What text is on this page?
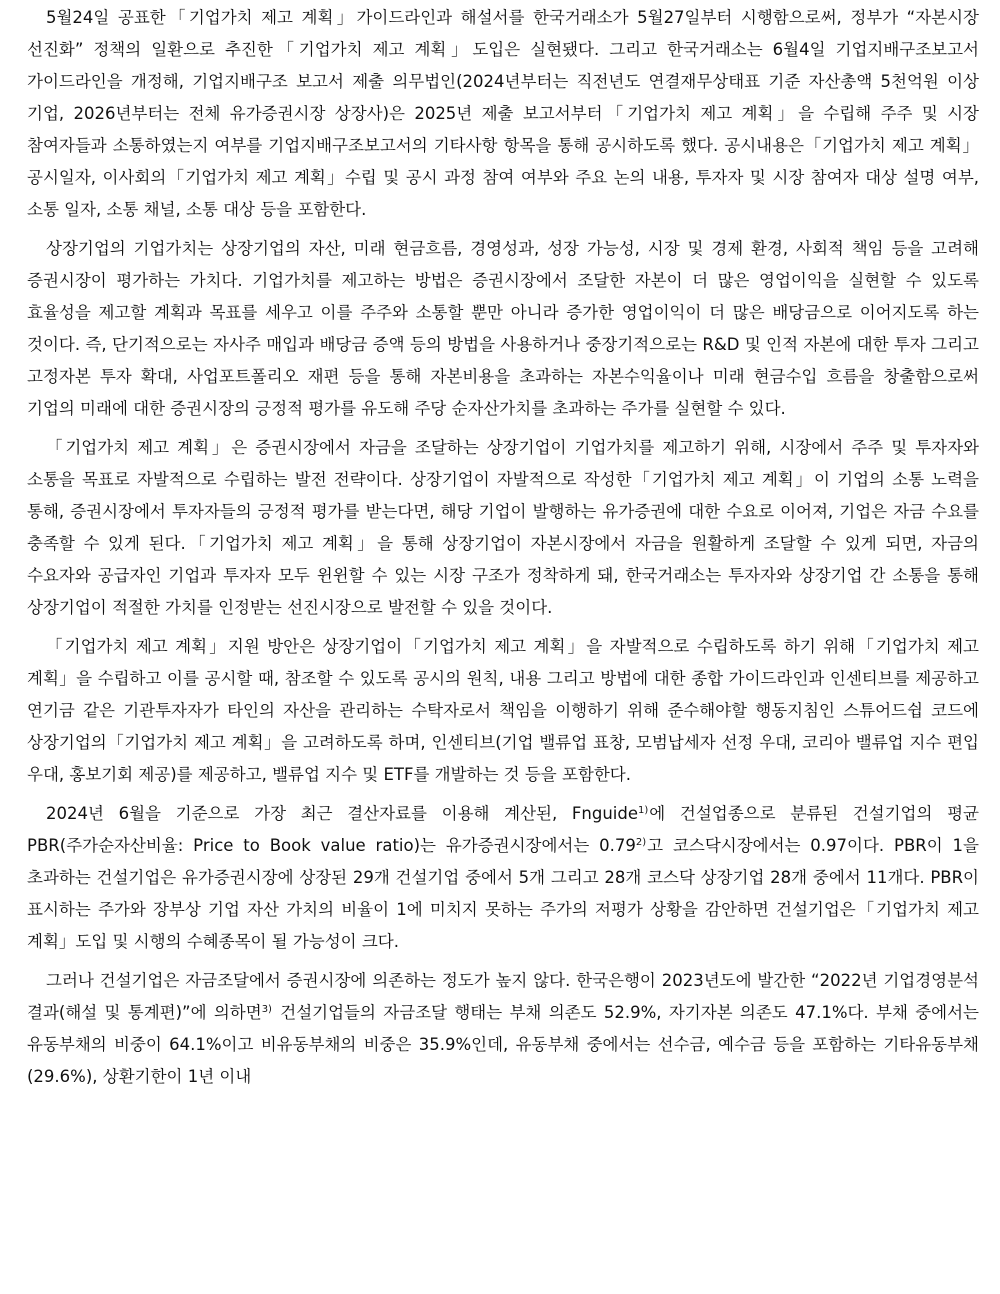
5월24일 공표한「기업가치 제고 계획」가이드라인과 해설서를 한국거래소가 5월27일부터 시행함으로써, 정부가 “자본시장 선진화” 정책의 일환으로 추진한「기업가치 제고 계획」도입은 실현됐다. 그리고 한국거래소는 6월4일 기업지배구조보고서 가이드라인을 개정해, 기업지배구조 보고서 제출 의무법인(2024년부터는 직전년도 연결재무상태표 기준 자산총액 5천억원 이상 기업, 2026년부터는 전체 유가증권시장 상장사)은 2025년 제출 보고서부터「기업가치 제고 계획」을 수립해 주주 및 시장 참여자들과 소통하였는지 여부를 기업지배구조보고서의 기타사항 항목을 통해 공시하도록 했다. 공시내용은「기업가치 제고 계획」공시일자, 이사회의「기업가치 제고 계획」수립 및 공시 과정 참여 여부와 주요 논의 내용, 투자자 및 시장 참여자 대상 설명 여부, 소통 일자, 소통 채널, 소통 대상 등을 포함한다.

상장기업의 기업가치는 상장기업의 자산, 미래 현금흐름, 경영성과, 성장 가능성, 시장 및 경제 환경, 사회적 책임 등을 고려해 증권시장이 평가하는 가치다. 기업가치를 제고하는 방법은 증권시장에서 조달한 자본이 더 많은 영업이익을 실현할 수 있도록 효율성을 제고할 계획과 목표를 세우고 이를 주주와 소통할 뿐만 아니라 증가한 영업이익이 더 많은 배당금으로 이어지도록 하는 것이다. 즉, 단기적으로는 자사주 매입과 배당금 증액 등의 방법을 사용하거나 중장기적으로는 R&D 및 인적 자본에 대한 투자 그리고 고정자본 투자 확대, 사업포트폴리오 재편 등을 통해 자본비용을 초과하는 자본수익율이나 미래 현금수입 흐름을 창출함으로써 기업의 미래에 대한 증권시장의 긍정적 평가를 유도해 주당 순자산가치를 초과하는 주가를 실현할 수 있다.

「기업가치 제고 계획」은 증권시장에서 자금을 조달하는 상장기업이 기업가치를 제고하기 위해, 시장에서 주주 및 투자자와 소통을 목표로 자발적으로 수립하는 발전 전략이다. 상장기업이 자발적으로 작성한「기업가치 제고 계획」이 기업의 소통 노력을 통해, 증권시장에서 투자자들의 긍정적 평가를 받는다면, 해당 기업이 발행하는 유가증권에 대한 수요로 이어져, 기업은 자금 수요를 충족할 수 있게 된다.「기업가치 제고 계획」을 통해 상장기업이 자본시장에서 자금을 원활하게 조달할 수 있게 되면, 자금의 수요자와 공급자인 기업과 투자자 모두 윈윈할 수 있는 시장 구조가 정착하게 돼, 한국거래소는 투자자와 상장기업 간 소통을 통해 상장기업이 적절한 가치를 인정받는 선진시장으로 발전할 수 있을 것이다.

「기업가치 제고 계획」지원 방안은 상장기업이「기업가치 제고 계획」을 자발적으로 수립하도록 하기 위해「기업가치 제고 계획」을 수립하고 이를 공시할 때, 참조할 수 있도록 공시의 원칙, 내용 그리고 방법에 대한 종합 가이드라인과 인센티브를 제공하고 연기금 같은 기관투자자가 타인의 자산을 관리하는 수탁자로서 책임을 이행하기 위해 준수해야할 행동지침인 스튜어드쉽 코드에 상장기업의「기업가치 제고 계획」을 고려하도록 하며, 인센티브(기업 밸류업 표창, 모범납세자 선정 우대, 코리아 밸류업 지수 편입 우대, 홍보기회 제공)를 제공하고, 밸류업 지수 및 ETF를 개발하는 것 등을 포함한다.

2024년 6월을 기준으로 가장 최근 결산자료를 이용해 계산된, Fnguide$^{1)}$에 건설업종으로 분류된 건설기업의 평균 PBR(주가순자산비율: Price to Book value ratio)는 유가증권시장에서는 0.79$^{2)}$고 코스닥시장에서는 0.97이다. PBR이 1을 초과하는 건설기업은 유가증권시장에 상장된 29개 건설기업 중에서 5개 그리고 28개 코스닥 상장기업 28개 중에서 11개다. PBR이 표시하는 주가와 장부상 기업 자산 가치의 비율이 1에 미치지 못하는 주가의 저평가 상황을 감안하면 건설기업은「기업가치 제고 계획」도입 및 시행의 수혜종목이 될 가능성이 크다.

그러나 건설기업은 자금조달에서 증권시장에 의존하는 정도가 높지 않다. 한국은행이 2023년도에 발간한 “2022년 기업경영분석 결과(해설 및 통계편)”에 의하면$^{3)}$ 건설기업들의 자금조달 행태는 부채 의존도 52.9%, 자기자본 의존도 47.1%다. 부채 중에서는 유동부채의 비중이 64.1%이고 비유동부채의 비중은 35.9%인데, 유동부채 중에서는 선수금, 예수금 등을 포함하는 기타유동부채(29.6%), 상환기한이 1년 이내
